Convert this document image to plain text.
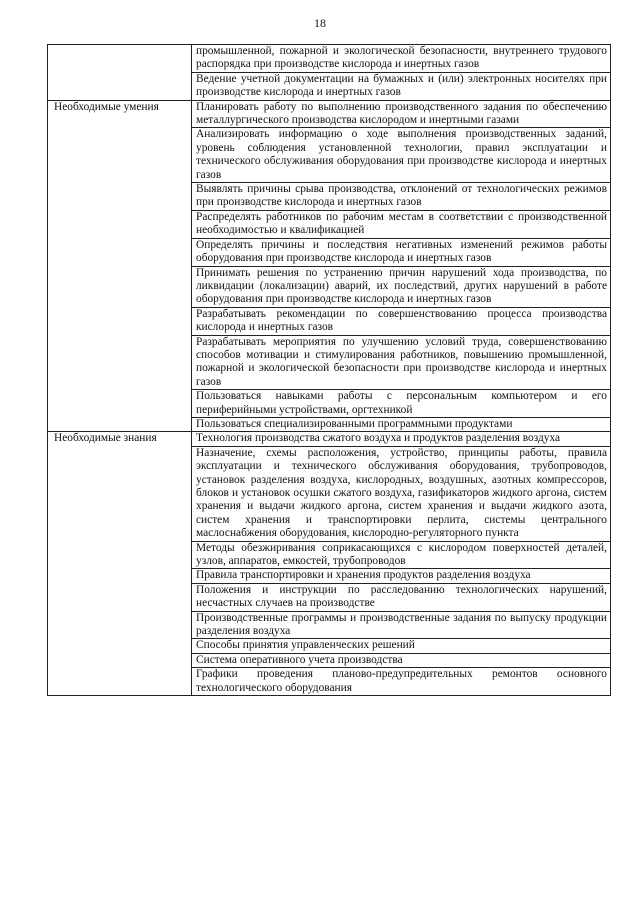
18
	промышленной, пожарной и экологической безопасности, внутреннего трудового распорядка при производстве кислорода и инертных газов
	Ведение учетной документации на бумажных и (или) электронных носителях при производстве кислорода и инертных газов
Необходимые умения	Планировать работу по выполнению производственного задания по обеспечению металлургического производства кислородом и инертными газами
	Анализировать информацию о ходе выполнения производственных заданий, уровень соблюдения установленной технологии, правил эксплуатации и технического обслуживания оборудования при производстве кислорода и инертных газов
	Выявлять причины срыва производства, отклонений от технологических режимов при производстве кислорода и инертных газов
	Распределять работников по рабочим местам в соответствии с производственной необходимостью и квалификацией
	Определять причины и последствия негативных изменений режимов работы оборудования при производстве кислорода и инертных газов
	Принимать решения по устранению причин нарушений хода производства, по ликвидации (локализации) аварий, их последствий, других нарушений в работе оборудования при производстве кислорода и инертных газов
	Разрабатывать рекомендации по совершенствованию процесса производства кислорода и инертных газов
	Разрабатывать мероприятия по улучшению условий труда, совершенствованию способов мотивации и стимулирования работников, повышению промышленной, пожарной и экологической безопасности при производстве кислорода и инертных газов
	Пользоваться навыками работы с персональным компьютером и его периферийными устройствами, оргтехникой
	Пользоваться специализированными программными продуктами
Необходимые знания	Технология производства сжатого воздуха и продуктов разделения воздуха
	Назначение, схемы расположения, устройство, принципы работы, правила эксплуатации и технического обслуживания оборудования, трубопроводов, установок разделения воздуха, кислородных, воздушных, азотных компрессоров, блоков и установок осушки сжатого воздуха, газификаторов жидкого аргона, систем хранения и выдачи жидкого аргона, систем хранения и выдачи жидкого азота, систем хранения и транспортировки перлита, системы центрального маслоснабжения оборудования, кислородно-регуляторного пункта
	Методы обезжиривания соприкасающихся с кислородом поверхностей деталей, узлов, аппаратов, емкостей, трубопроводов
	Правила транспортировки и хранения продуктов разделения воздуха
	Положения и инструкции по расследованию технологических нарушений, несчастных случаев на производстве
	Производственные программы и производственные задания по выпуску продукции разделения воздуха
	Способы принятия управленческих решений
	Система оперативного учета производства
	Графики проведения планово-предупредительных ремонтов основного технологического оборудования
